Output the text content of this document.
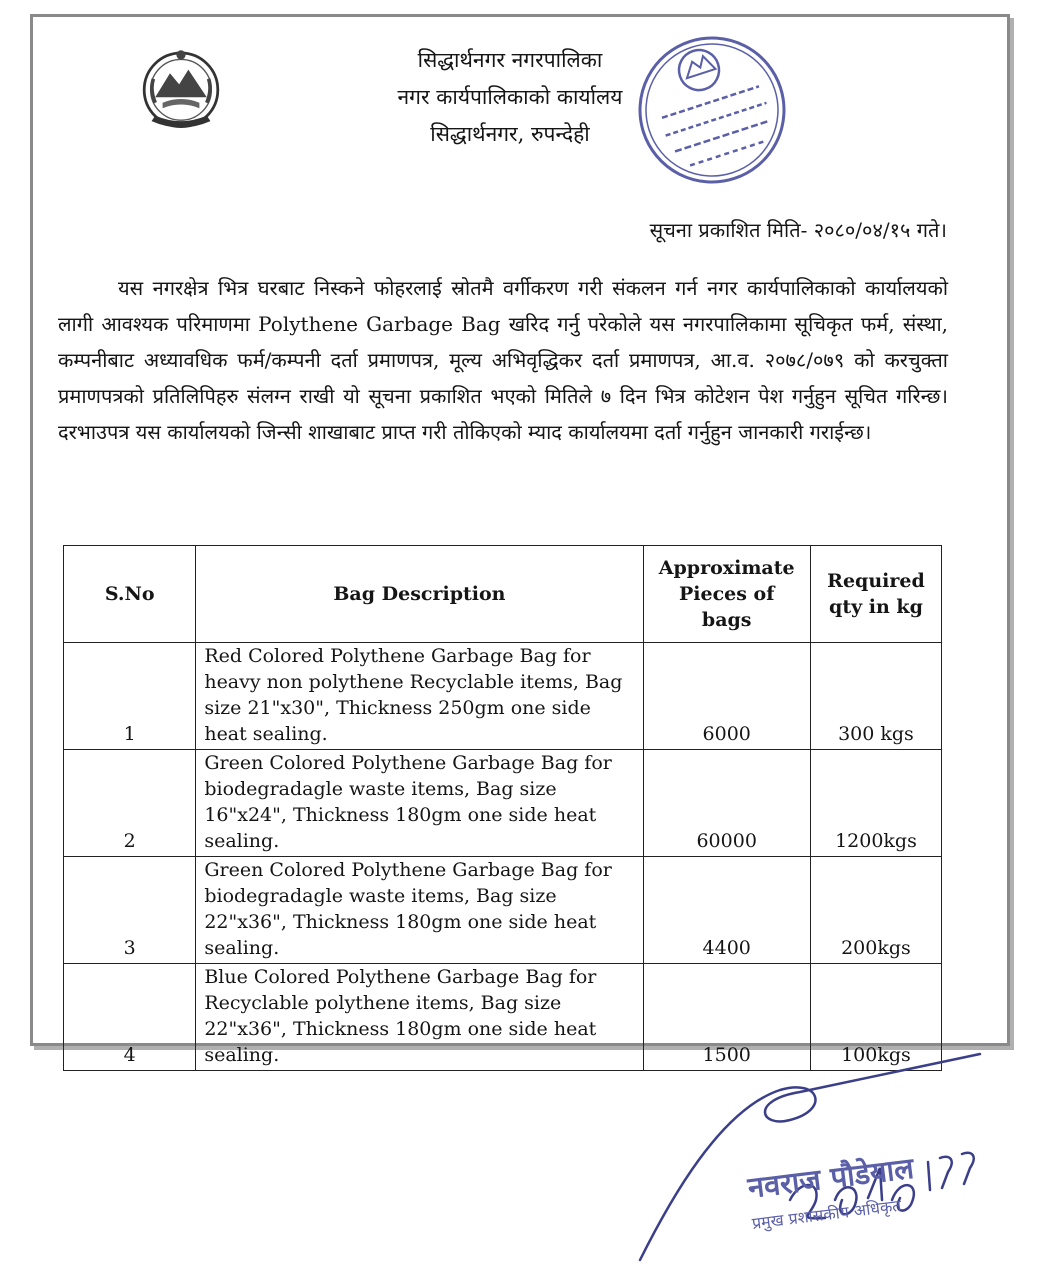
सिद्धार्थनगर नगरपालिका
नगर कार्यपालिकाको कार्यालय
सिद्धार्थनगर, रुपन्देही
सूचना प्रकाशित मिति- २०८०/०४/१५ गते।
यस नगरक्षेत्र भित्र घरबाट निस्कने फोहरलाई स्रोतमै वर्गीकरण गरी संकलन गर्न नगर कार्यपालिकाको कार्यालयको लागी आवश्यक परिमाणमा Polythene Garbage Bag खरिद गर्नु परेकोले यस नगरपालिकामा सूचिकृत फर्म, संस्था, कम्पनीबाट अध्यावधिक फर्म/कम्पनी दर्ता प्रमाणपत्र, मूल्य अभिवृद्धिकर दर्ता प्रमाणपत्र, आ.व. २०७८/०७९ को करचुक्ता प्रमाणपत्रको प्रतिलिपिहरु संलग्न राखी यो सूचना प्रकाशित भएको मितिले ७ दिन भित्र कोटेशन पेश गर्नुहुन सूचित गरिन्छ। दरभाउपत्र यस कार्यालयको जिन्सी शाखाबाट प्राप्त गरी तोकिएको म्याद कार्यालयमा दर्ता गर्नुहुन जानकारी गराईन्छ।
S.No	Bag Description	Approximate Pieces of bags	Required qty in kg
1	Red Colored Polythene Garbage Bag for heavy non polythene Recyclable items, Bag size 21"x30", Thickness 250gm one side heat sealing.	6000	300 kgs
2	Green Colored Polythene Garbage Bag for biodegradagle waste items, Bag size 16"x24", Thickness 180gm one side heat sealing.	60000	1200kgs
3	Green Colored Polythene Garbage Bag for biodegradagle waste items, Bag size 22"x36", Thickness 180gm one side heat sealing.	4400	200kgs
4	Blue Colored Polythene Garbage Bag for Recyclable polythene items, Bag size 22"x36", Thickness 180gm one side heat sealing.	1500	100kgs
नवराज पौडेयाल
प्रमुख प्रशासकीय अधिकृत
